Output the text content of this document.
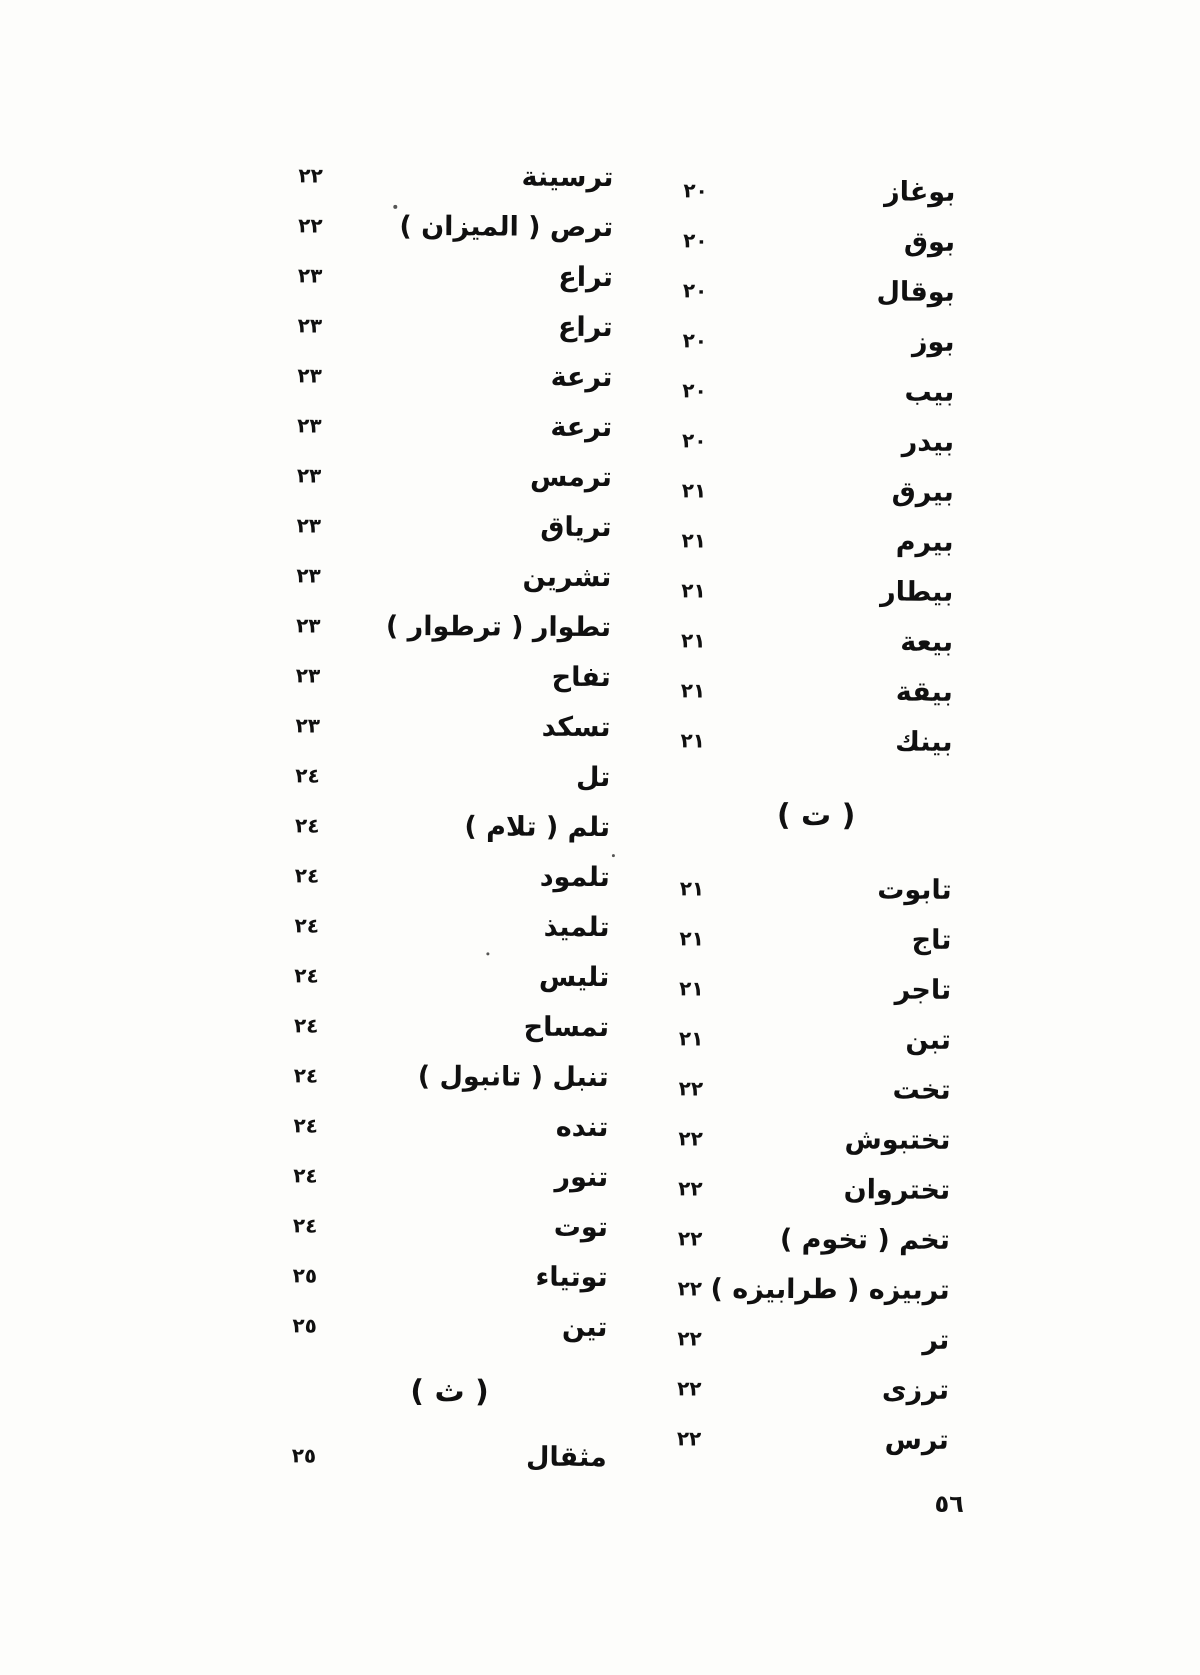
٢٠	بوغاز
٢٠	بوق
٢٠	بوقال
٢٠	بوز
٢٠	بيب
٢٠	بيدر
٢١	بيرق
٢١	بيرم
٢١	بيطار
٢١	بيعة
٢١	بيقة
٢١	بينك
( ت )
٢١	تابوت
٢١	تاج
٢١	تاجر
٢١	تبن
٢٢	تخت
٢٢	تختبوش
٢٢	تختروان
٢٢	تخم ( تخوم )
٢٢ تربيزه ( طرابيزه )
٢٢	تر
٢٢	ترزى
٢٢	ترس
٢٢	ترسينة
٢٢	ترص ( الميزان )
٢٣	تراع
٢٣	تراع
٢٣	ترعة
٢٣	ترعة
٢٣	ترمس
٢٣	ترياق
٢٣	تشرين
٢٣ تطوار ( ترطوار )
٢٣	تفاح
٢٣	تسكد
٢٤	تل
٢٤	تلم ( تلام )
٢٤	تلمود
٢٤	تلميذ
٢٤	تليس
٢٤	تمساح
٢٤	تنبل ( تانبول )
٢٤	تنده
٢٤	تنور
٢٤	توت
٢٥	توتياء
٢٥	تين
( ث )
٢٥	مثقال
٥٦
